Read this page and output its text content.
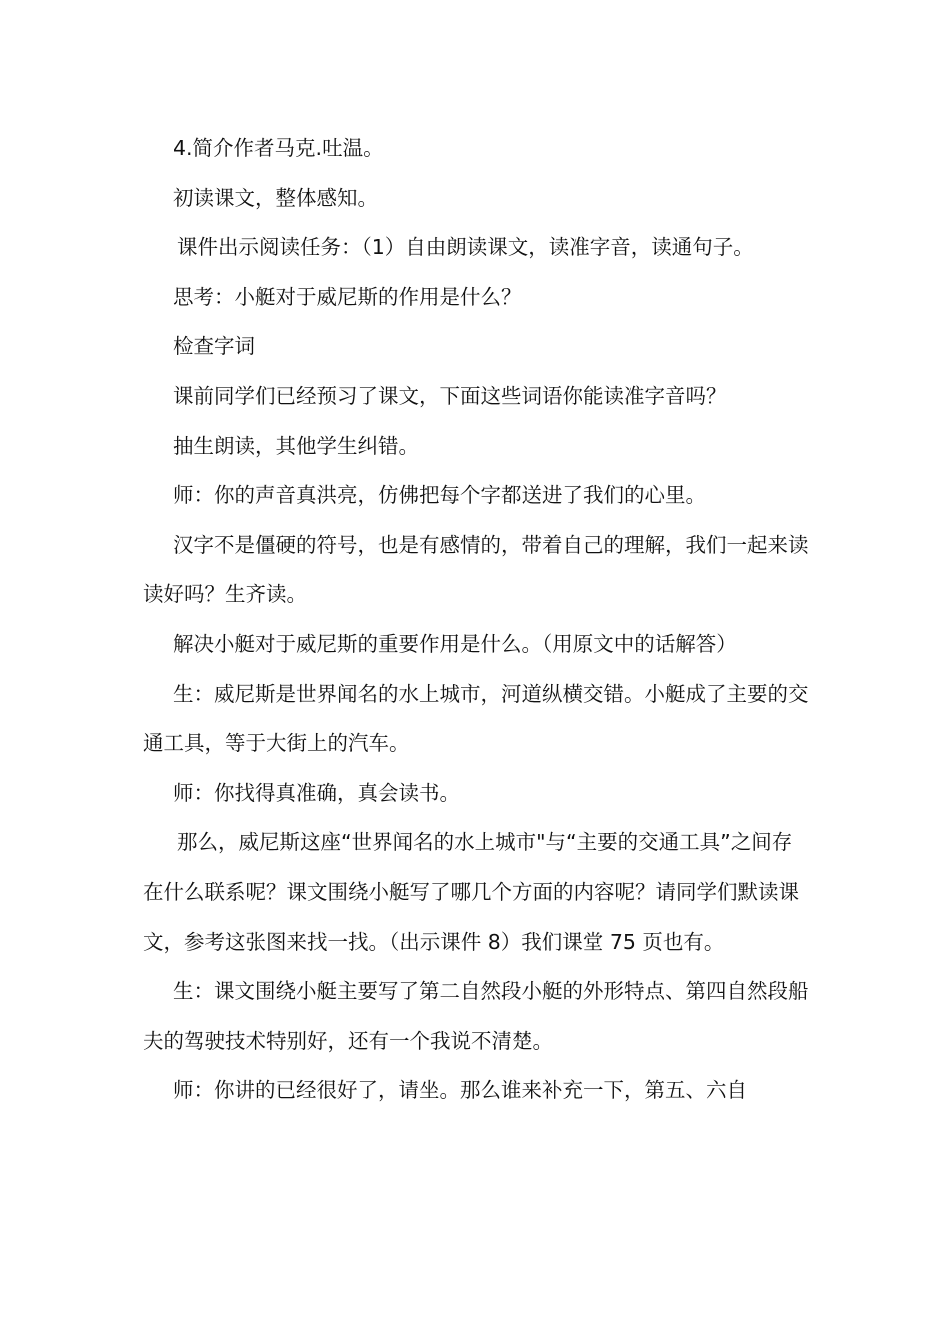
4.简介作者马克.吐温。

初读课文，整体感知。

课件出示阅读任务：（1）自由朗读课文，读准字音，读通句子。

思考：小艇对于威尼斯的作用是什么？

检查字词

课前同学们已经预习了课文，下面这些词语你能读准字音吗？

抽生朗读，其他学生纠错。

师：你的声音真洪亮，仿佛把每个字都送进了我们的心里。

汉字不是僵硬的符号，也是有感情的，带着自己的理解，我们一起来读读好吗？生齐读。

解决小艇对于威尼斯的重要作用是什么。（用原文中的话解答）

生：威尼斯是世界闻名的水上城市，河道纵横交错。小艇成了主要的交通工具，等于大街上的汽车。

师：你找得真准确，真会读书。

那么，威尼斯这座“世界闻名的水上城市"与“主要的交通工具”之间存在什么联系呢？课文围绕小艇写了哪几个方面的内容呢？请同学们默读课文，参考这张图来找一找。（出示课件 8）我们课堂 75 页也有。

生：课文围绕小艇主要写了第二自然段小艇的外形特点、第四自然段船夫的驾驶技术特别好，还有一个我说不清楚。

师：你讲的已经很好了，请坐。那么谁来补充一下，第五、六自
